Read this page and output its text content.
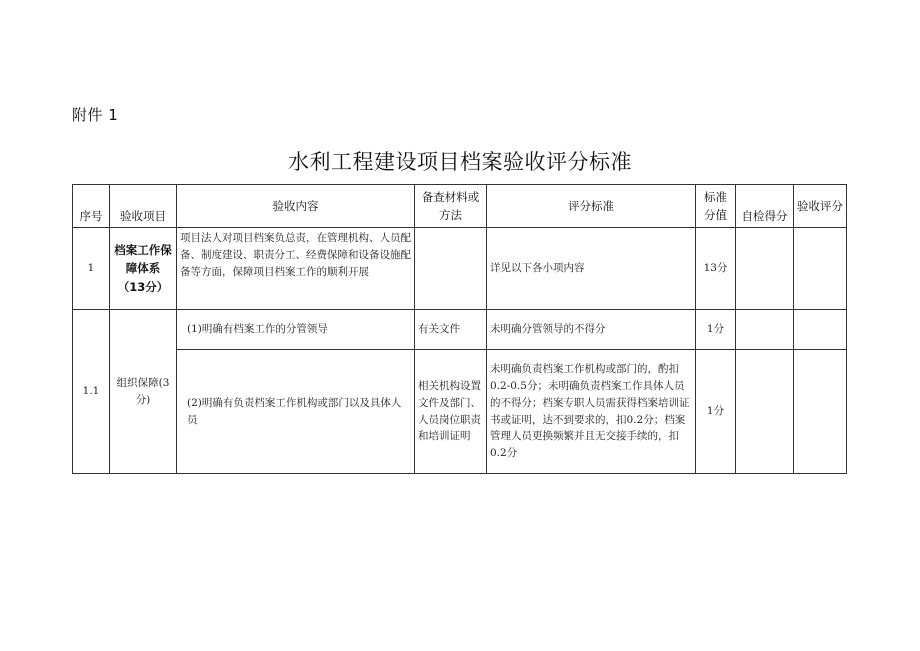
附件 1
水利工程建设项目档案验收评分标准
序号	验收项目	验收内容	备查材料或方法	评分标准	标准分值	自检得分	验收评分
1	档案工作保障体系（13分）	项目法人对项目档案负总责，在管理机构、人员配备、制度建设、职责分工、经费保障和设备设施配备等方面，保障项目档案工作的顺利开展		详见以下各小项内容	13分		
1.1	组织保障(3分)	(1)明确有档案工作的分管领导	有关文件	未明确分管领导的不得分	1分		
		(2)明确有负责档案工作机构或部门以及具体人员	相关机构设置文件及部门、人员岗位职责和培训证明	未明确负责档案工作机构或部门的，酌扣0.2-0.5分；未明确负责档案工作具体人员的不得分；档案专职人员需获得档案培训证书或证明，达不到要求的，扣0.2分；档案管理人员更换频繁并且无交接手续的，扣0.2分	1分		
